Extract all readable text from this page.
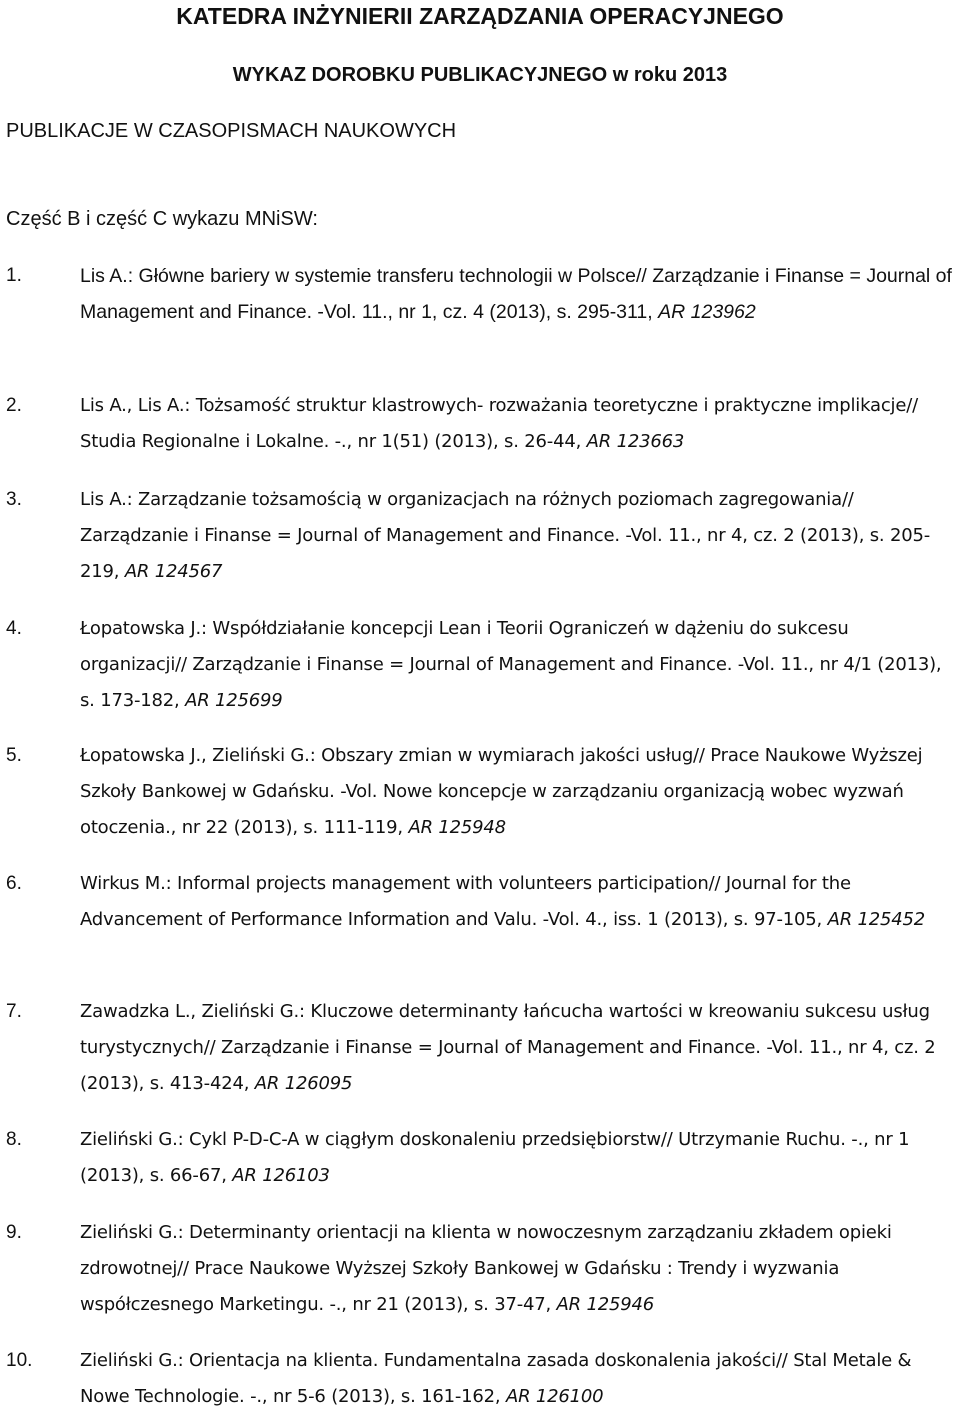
KATEDRA INŻYNIERII ZARZĄDZANIA OPERACYJNEGO
WYKAZ DOROBKU PUBLIKACYJNEGO w roku 2013
PUBLIKACJE W CZASOPISMACH NAUKOWYCH
Część B i część C wykazu MNiSW:
1.	Lis A.: Główne bariery w systemie transferu technologii w Polsce// Zarządzanie i Finanse = Journal of Management and Finance. -Vol. 11., nr 1, cz. 4 (2013), s. 295-311, AR 123962
2.	Lis A., Lis A.: Tożsamość struktur klastrowych- rozważania teoretyczne i praktyczne implikacje// Studia Regionalne i Lokalne. -., nr 1(51) (2013), s. 26-44, AR 123663
3.	Lis A.: Zarządzanie tożsamością w organizacjach na różnych poziomach zagregowania// Zarządzanie i Finanse = Journal of Management and Finance. -Vol. 11., nr 4, cz. 2 (2013), s. 205-219, AR 124567
4.	Łopatowska J.: Współdziałanie koncepcji Lean i Teorii Ograniczeń w dążeniu do sukcesu organizacji// Zarządzanie i Finanse = Journal of Management and Finance. -Vol. 11., nr 4/1 (2013), s. 173-182, AR 125699
5.	Łopatowska J., Zieliński G.: Obszary zmian w wymiarach jakości usług// Prace Naukowe Wyższej Szkoły Bankowej w Gdańsku. -Vol. Nowe koncepcje w zarządzaniu organizacją wobec wyzwań otoczenia., nr 22 (2013), s. 111-119, AR 125948
6.	Wirkus M.: Informal projects management with volunteers participation// Journal for the Advancement of Performance Information and Valu. -Vol. 4., iss. 1 (2013), s. 97-105, AR 125452
7.	Zawadzka L., Zieliński G.: Kluczowe determinanty łańcucha wartości w kreowaniu sukcesu usług turystycznych// Zarządzanie i Finanse = Journal of Management and Finance. -Vol. 11., nr 4, cz. 2 (2013), s. 413-424, AR 126095
8.	Zieliński G.: Cykl P-D-C-A w ciągłym doskonaleniu przedsiębiorstw// Utrzymanie Ruchu. -., nr 1 (2013), s. 66-67, AR 126103
9.	Zieliński G.: Determinanty orientacji na klienta w nowoczesnym zarządzaniu zkładem opieki zdrowotnej// Prace Naukowe Wyższej Szkoły Bankowej w Gdańsku : Trendy i wyzwania współczesnego Marketingu. -., nr 21 (2013), s. 37-47, AR 125946
10.	Zieliński G.: Orientacja na klienta. Fundamentalna zasada doskonalenia jakości// Stal Metale & Nowe Technologie. -., nr 5-6 (2013), s. 161-162, AR 126100
